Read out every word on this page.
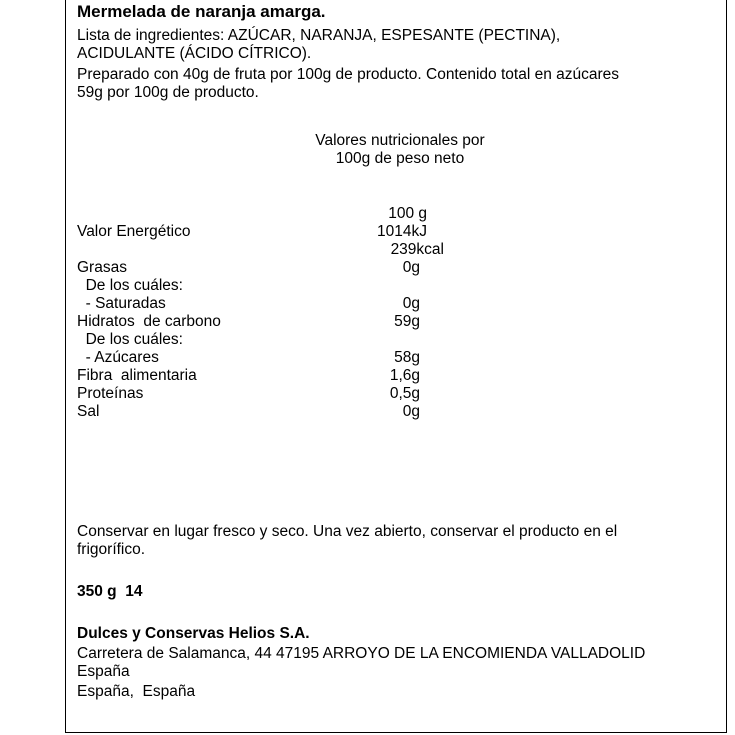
Mermelada de naranja amarga.
Lista de ingredientes: AZÚCAR, NARANJA, ESPESANTE (PECTINA),
ACIDULANTE (ÁCIDO CÍTRICO).
Preparado con 40g de fruta por 100g de producto. Contenido total en azúcares
59g por 100g de producto.
Valores nutricionales por
100g de peso neto
100 g
Valor Energético	1014kJ
239kcal
Grasas	0g
De los cuáles:
- Saturadas	0g
Hidratos  de carbono	59g
De los cuáles:
- Azúcares	58g
Fibra  alimentaria	1,6g
Proteínas	0,5g
Sal	0g
Conservar en lugar fresco y seco. Una vez abierto, conservar el producto en el
frigorífico.
350 g  14
Dulces y Conservas Helios S.A.
Carretera de Salamanca, 44 47195 ARROYO DE LA ENCOMIENDA VALLADOLID
España
España,  España
